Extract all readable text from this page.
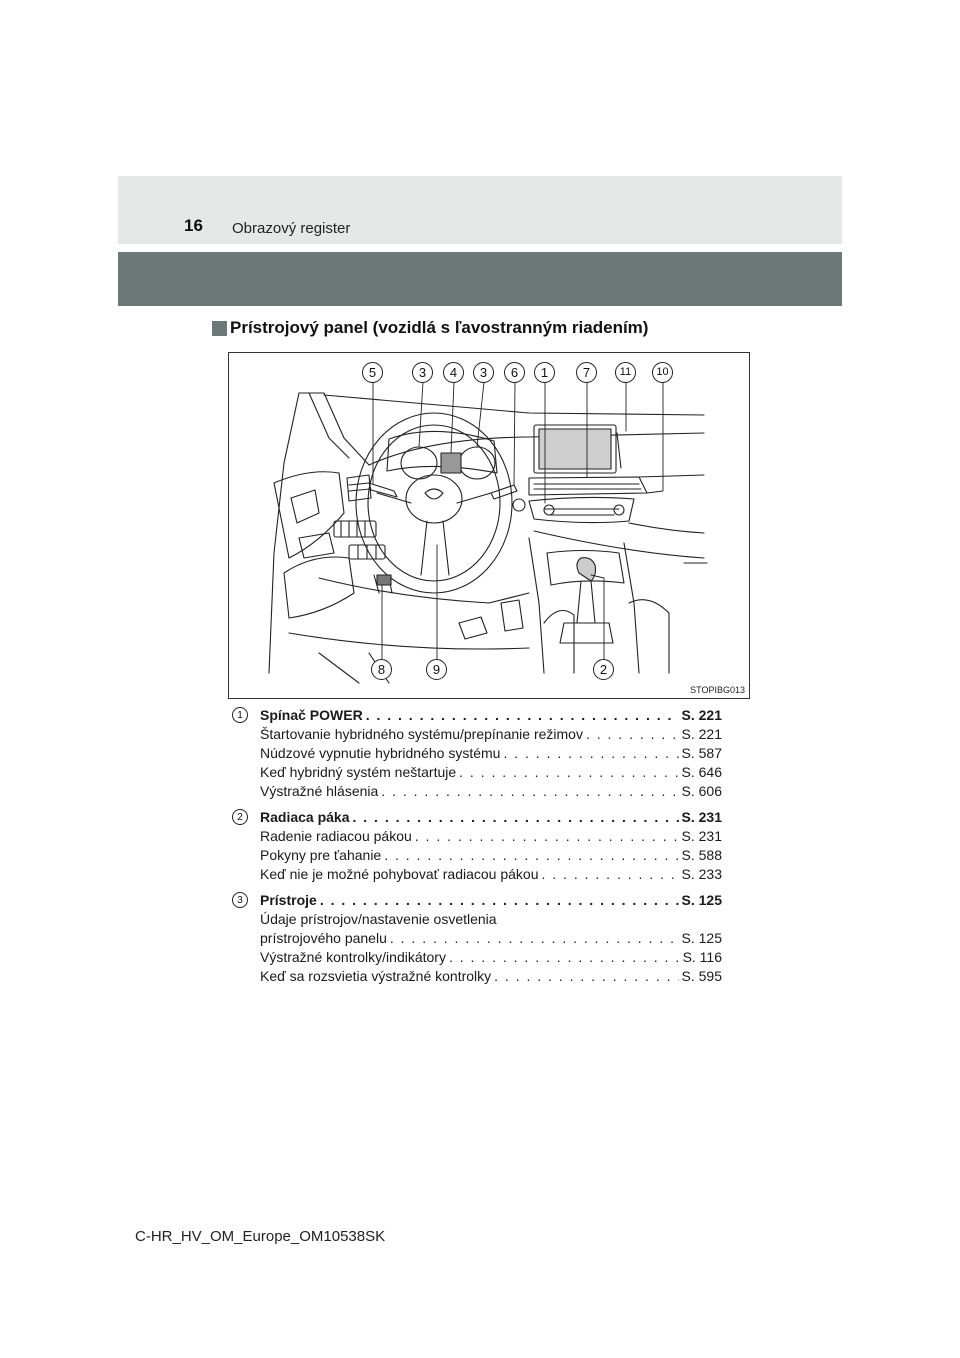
16 Obrazový register
Prístrojový panel (vozidlá s ľavostranným riadením)
5	3	4	3	6	1	7	11	10
8	9	2
STOPIBG013
1	Spínač POWER . . .	S. 221
Štartovanie hybridného systému/prepínanie režimov . . .	S. 221
Núdzové vypnutie hybridného systému . . .	S. 587
Keď hybridný systém neštartuje . . .	S. 646
Výstražné hlásenia . . .	S. 606
2	Radiaca páka . . .	S. 231
Radenie radiacou pákou . . .	S. 231
Pokyny pre ťahanie . . .	S. 588
Keď nie je možné pohybovať radiacou pákou . . .	S. 233
3	Prístroje . . .	S. 125
Údaje prístrojov/nastavenie osvetlenia
prístrojového panelu . . .	S. 125
Výstražné kontrolky/indikátory . . .	S. 116
Keď sa rozsvietia výstražné kontrolky . . .	S. 595
C-HR_HV_OM_Europe_OM10538SK
